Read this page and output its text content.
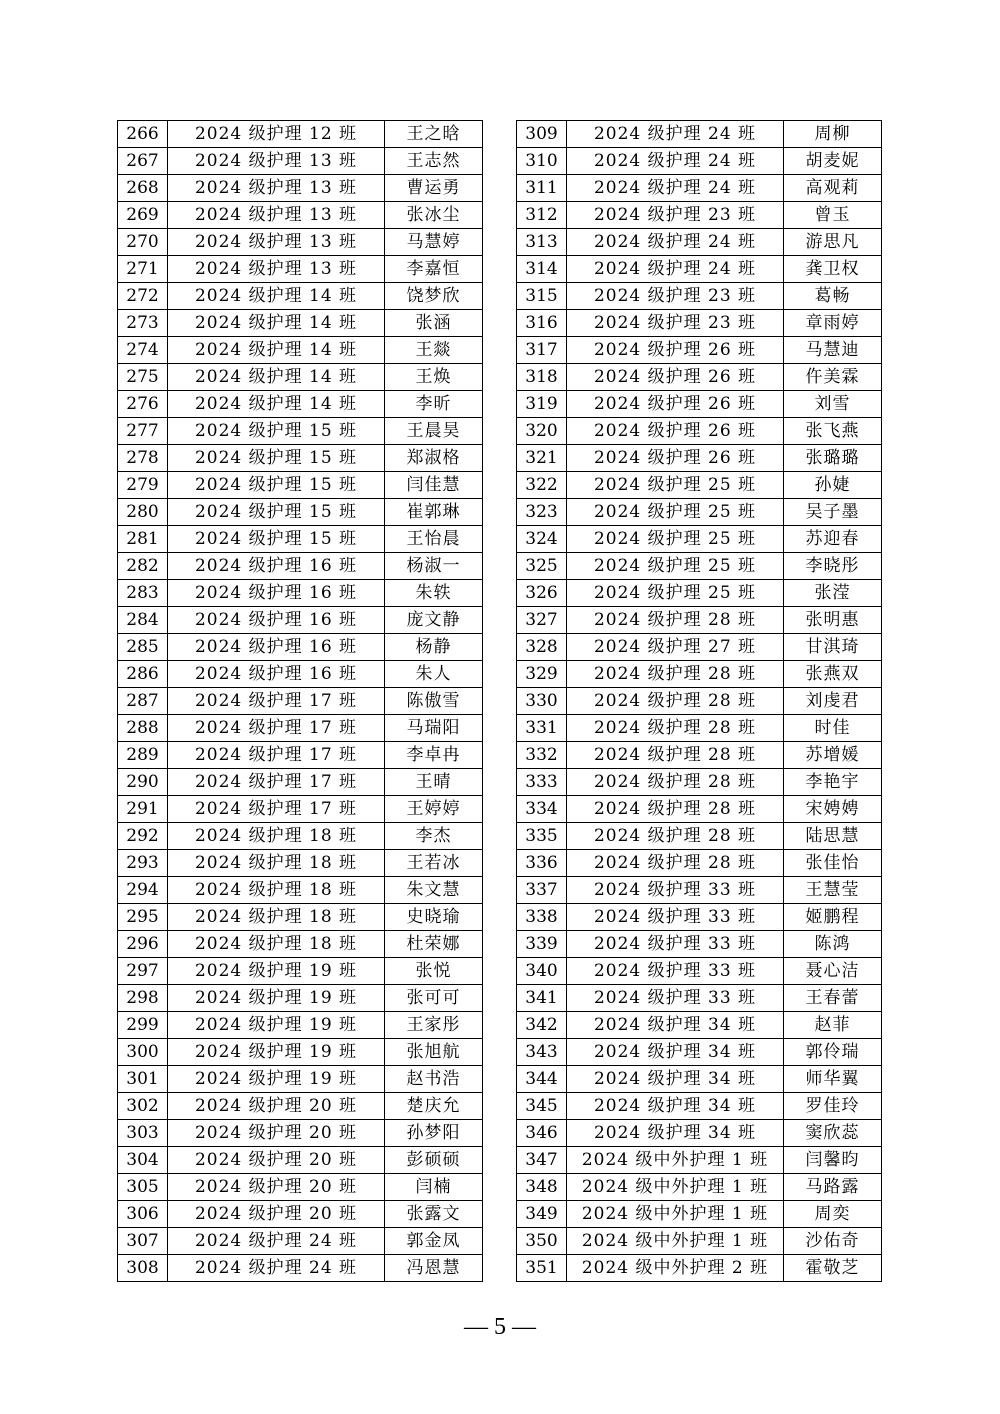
266	2024 级护理 12 班	王之晗
267	2024 级护理 13 班	王志然
268	2024 级护理 13 班	曹运勇
269	2024 级护理 13 班	张冰尘
270	2024 级护理 13 班	马慧婷
271	2024 级护理 13 班	李嘉恒
272	2024 级护理 14 班	饶梦欣
273	2024 级护理 14 班	张涵
274	2024 级护理 14 班	王燚
275	2024 级护理 14 班	王焕
276	2024 级护理 14 班	李昕
277	2024 级护理 15 班	王晨昊
278	2024 级护理 15 班	郑淑格
279	2024 级护理 15 班	闫佳慧
280	2024 级护理 15 班	崔郭琳
281	2024 级护理 15 班	王怡晨
282	2024 级护理 16 班	杨淑一
283	2024 级护理 16 班	朱轶
284	2024 级护理 16 班	庞文静
285	2024 级护理 16 班	杨静
286	2024 级护理 16 班	朱人
287	2024 级护理 17 班	陈傲雪
288	2024 级护理 17 班	马瑞阳
289	2024 级护理 17 班	李卓冉
290	2024 级护理 17 班	王晴
291	2024 级护理 17 班	王婷婷
292	2024 级护理 18 班	李杰
293	2024 级护理 18 班	王若冰
294	2024 级护理 18 班	朱文慧
295	2024 级护理 18 班	史晓瑜
296	2024 级护理 18 班	杜荣娜
297	2024 级护理 19 班	张悦
298	2024 级护理 19 班	张可可
299	2024 级护理 19 班	王家彤
300	2024 级护理 19 班	张旭航
301	2024 级护理 19 班	赵书浩
302	2024 级护理 20 班	楚庆允
303	2024 级护理 20 班	孙梦阳
304	2024 级护理 20 班	彭硕硕
305	2024 级护理 20 班	闫楠
306	2024 级护理 20 班	张露文
307	2024 级护理 24 班	郭金凤
308	2024 级护理 24 班	冯恩慧
309	2024 级护理 24 班	周柳
310	2024 级护理 24 班	胡麦妮
311	2024 级护理 24 班	高观莉
312	2024 级护理 23 班	曾玉
313	2024 级护理 24 班	游思凡
314	2024 级护理 24 班	龚卫权
315	2024 级护理 23 班	葛畅
316	2024 级护理 23 班	章雨婷
317	2024 级护理 26 班	马慧迪
318	2024 级护理 26 班	仵美霖
319	2024 级护理 26 班	刘雪
320	2024 级护理 26 班	张飞燕
321	2024 级护理 26 班	张璐璐
322	2024 级护理 25 班	孙婕
323	2024 级护理 25 班	吴子墨
324	2024 级护理 25 班	苏迎春
325	2024 级护理 25 班	李晓彤
326	2024 级护理 25 班	张滢
327	2024 级护理 28 班	张明惠
328	2024 级护理 27 班	甘淇琦
329	2024 级护理 28 班	张燕双
330	2024 级护理 28 班	刘虔君
331	2024 级护理 28 班	时佳
332	2024 级护理 28 班	苏增媛
333	2024 级护理 28 班	李艳宇
334	2024 级护理 28 班	宋娉娉
335	2024 级护理 28 班	陆思慧
336	2024 级护理 28 班	张佳怡
337	2024 级护理 33 班	王慧莹
338	2024 级护理 33 班	姬鹏程
339	2024 级护理 33 班	陈鸿
340	2024 级护理 33 班	聂心洁
341	2024 级护理 33 班	王春蕾
342	2024 级护理 34 班	赵菲
343	2024 级护理 34 班	郭伶瑞
344	2024 级护理 34 班	师华翼
345	2024 级护理 34 班	罗佳玲
346	2024 级护理 34 班	窦欣蕊
347	2024 级中外护理 1 班	闫馨昀
348	2024 级中外护理 1 班	马路露
349	2024 级中外护理 1 班	周奕
350	2024 级中外护理 1 班	沙佑奇
351	2024 级中外护理 2 班	霍敬芝
— 5 —
